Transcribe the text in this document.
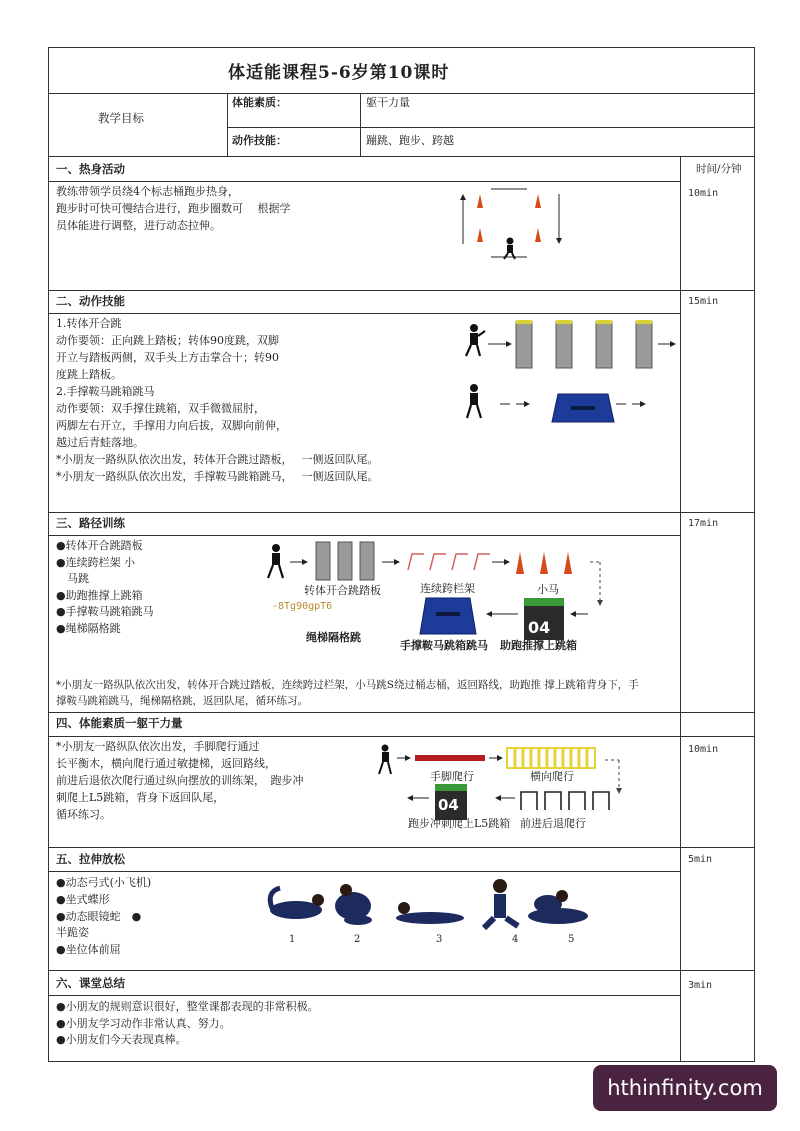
体适能课程5-6岁第10课时
教学目标
体能素质：	躯干力量
动作技能：	蹦跳、跑步、跨越
时间/分钟
一、热身活动
10min
教练带领学员绕4个标志桶跑步热身，
跑步时可快可慢结合进行，跑步圈数可　 根据学
员体能进行调整，进行动态拉伸。
二、动作技能	15min
1.转体开合跳
动作要领：正向跳上踏板；转体90度跳，双脚
开立与踏板两侧，双手头上方击掌合十；转90
度跳上踏板。
2.手撑鞍马跳箱跳马
动作要领：双手撑住跳箱，双手微微屈肘，
两脚左右开立，手撑用力向后拔，双脚向前伸，
越过后青蛙落地。
*小朋友一路纵队依次出发，转体开合跳过踏板，　 一侧返回队尾。
*小朋友一路纵队依次出发，手撑鞍马跳箱跳马，　 一侧返回队尾。
三、路径训练	17min
●转体开合跳踏板
●连续跨栏架 小
　马跳
●助跑推撑上跳箱
●手撑鞍马跳箱跳马
●绳梯隔格跳
转体开合跳踏板	连续跨栏架	小马
-8Tg90gpT6
04
绳梯隔格跳
手撑鞍马跳箱跳马 助跑推撑上跳箱
*小朋友一路纵队依次出发，转体开合跳过踏板，连续跨过栏架，小马跳S绕过桶志桶，返回路线，助跑推 撑上跳箱背身下，手
撑鞍马跳箱跳马，绳梯隔格跳，返回队尾，循环练习。
四、体能素质一躯干力量
10min
*小朋友一路纵队依次出发，手脚爬行通过
长平衡木，横向爬行通过敏捷梯，返回路线，
前进后退依次爬行通过纵向摆放的训练架，　跑步冲
刺爬上L5跳箱，背身下返回队尾，
循环练习。
手脚爬行	横向爬行
04
跑步冲刺爬上L5跳箱 前进后退爬行
五、拉伸放松	5min
●动态弓式(小飞机)
●坐式蝶形
●动态眼镜蛇　●
半跪姿
●坐位体前屈
1	2	3	4	5
六、课堂总结	3min
●小朋友的规则意识很好，整堂课都表现的非常积极。
●小朋友学习动作非常认真、努力。
●小朋友们今天表现真棒。
hthinfinity.com
